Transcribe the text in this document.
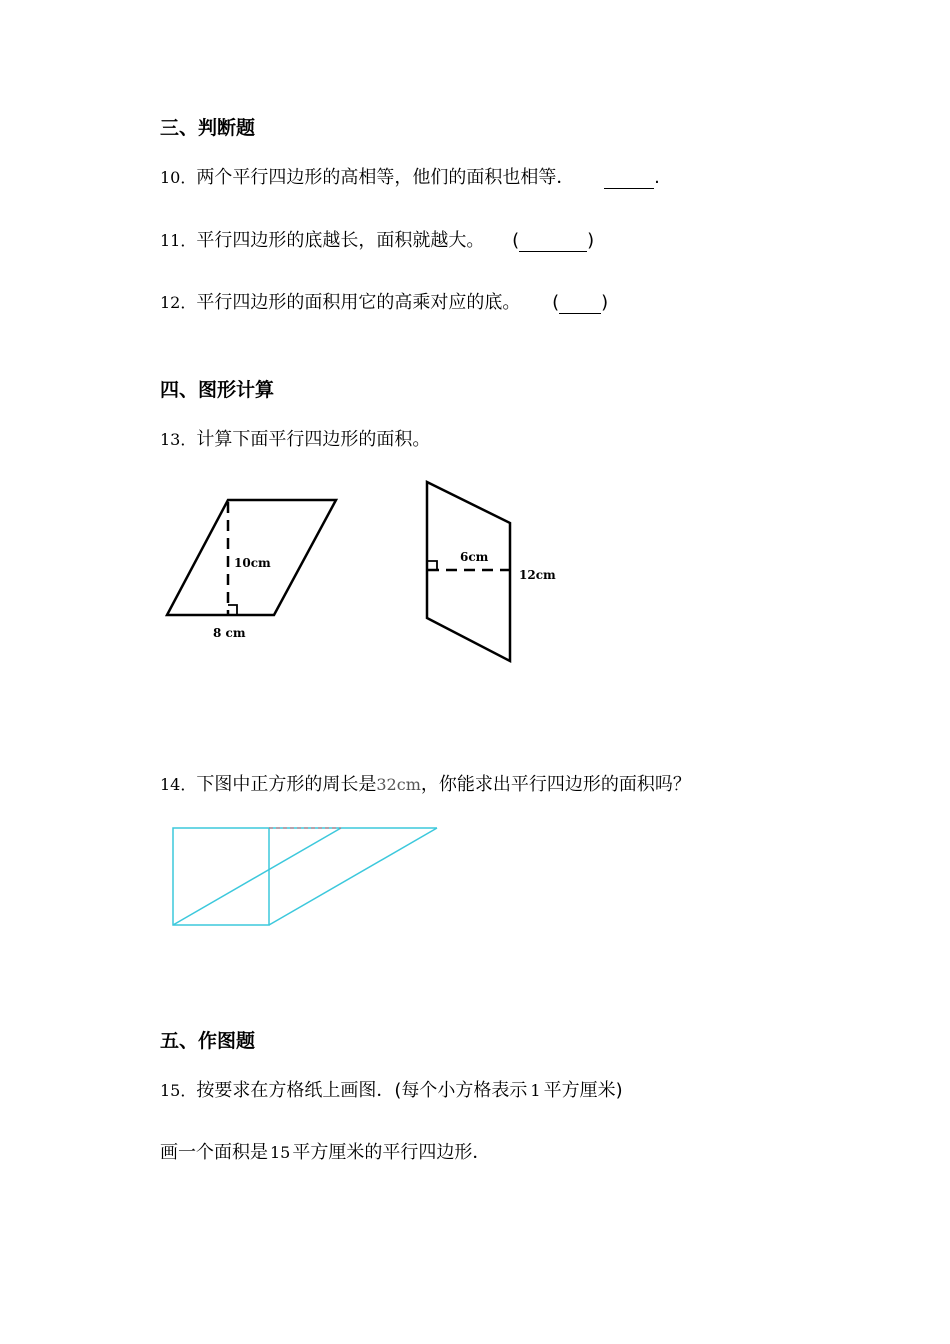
三、判断题
10．两个平行四边形的高相等，他们的面积也相等．	.
11．平行四边形的底越长，面积就越大。 (	)
12．平行四边形的面积用它的高乘对应的底。 ( )
四、图形计算
13．计算下面平行四边形的面积。
10cm
8 cm
6cm
12cm
14．下图中正方形的周长是32cm，你能求出平行四边形的面积吗？
五、作图题
15．按要求在方格纸上画图．(每个小方格表示 1 平方厘米)
画一个面积是 15 平方厘米的平行四边形．
